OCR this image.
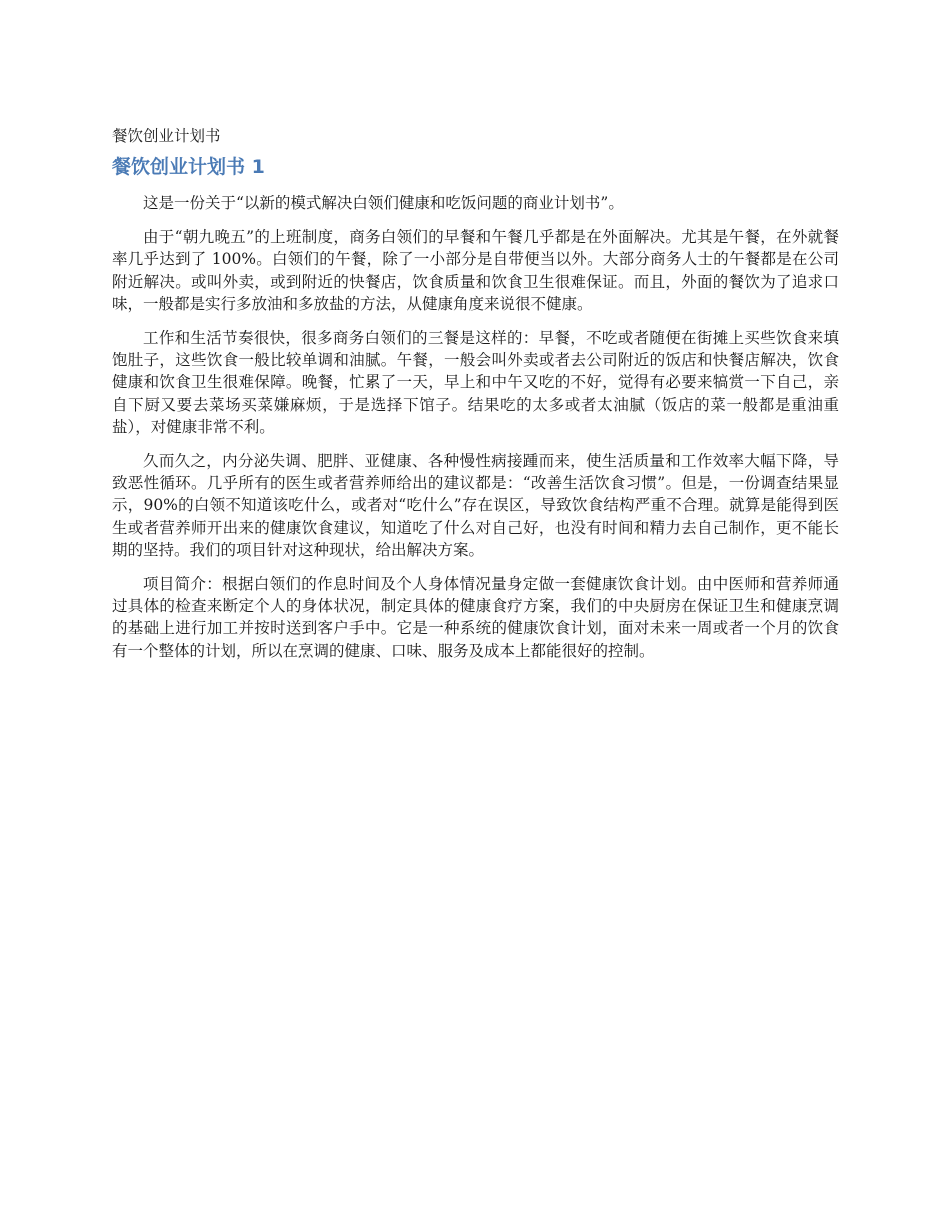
餐饮创业计划书
餐饮创业计划书 1

这是一份关于“以新的模式解决白领们健康和吃饭问题的商业计划书”。

由于“朝九晚五”的上班制度，商务白领们的早餐和午餐几乎都是在外面解决。尤其是午餐，在外就餐率几乎达到了 100%。白领们的午餐，除了一小部分是自带便当以外。大部分商务人士的午餐都是在公司附近解决。或叫外卖，或到附近的快餐店，饮食质量和饮食卫生很难保证。而且，外面的餐饮为了追求口味，一般都是实行多放油和多放盐的方法，从健康角度来说很不健康。

工作和生活节奏很快，很多商务白领们的三餐是这样的：早餐，不吃或者随便在街摊上买些饮食来填饱肚子，这些饮食一般比较单调和油腻。午餐，一般会叫外卖或者去公司附近的饭店和快餐店解决，饮食健康和饮食卫生很难保障。晚餐，忙累了一天，早上和中午又吃的不好，觉得有必要来犒赏一下自己，亲自下厨又要去菜场买菜嫌麻烦，于是选择下馆子。结果吃的太多或者太油腻（饭店的菜一般都是重油重盐），对健康非常不利。

久而久之，内分泌失调、肥胖、亚健康、各种慢性病接踵而来，使生活质量和工作效率大幅下降，导致恶性循环。几乎所有的医生或者营养师给出的建议都是：“改善生活饮食习惯”。但是，一份调查结果显示，90%的白领不知道该吃什么，或者对“吃什么”存在误区，导致饮食结构严重不合理。就算是能得到医生或者营养师开出来的健康饮食建议，知道吃了什么对自己好，也没有时间和精力去自己制作，更不能长期的坚持。我们的项目针对这种现状，给出解决方案。

项目简介：根据白领们的作息时间及个人身体情况量身定做一套健康饮食计划。由中医师和营养师通过具体的检查来断定个人的身体状况，制定具体的健康食疗方案，我们的中央厨房在保证卫生和健康烹调的基础上进行加工并按时送到客户手中。它是一种系统的健康饮食计划，面对未来一周或者一个月的饮食有一个整体的计划，所以在烹调的健康、口味、服务及成本上都能很好的控制。
